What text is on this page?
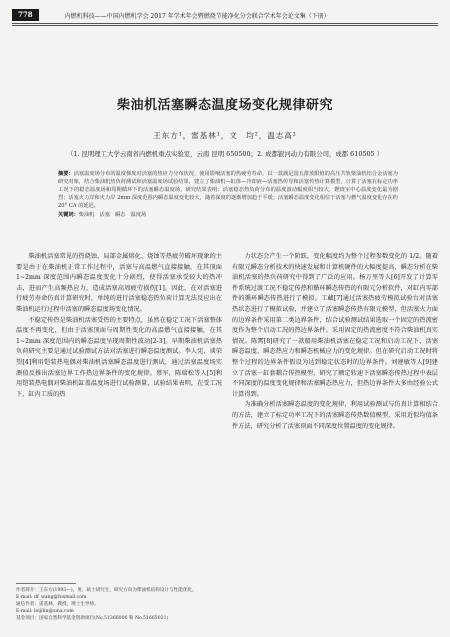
778	内燃机科技——中国内燃机学会 2017 年学术年会暨燃烧节能净化分会联合学术年会论文集（下册）
柴油机活塞瞬态温度场变化规律研究
王东方¹，雷基林¹，文　均²，温志高²
（1. 昆明理工大学云南省内燃机重点实验室，云南 昆明 650500；2. 成都银河动力有限公司，成都 610505 ）
摘要：活塞温度场分布的温度梯度对活塞的热应力分布状况、使用影响活塞的热疲劳寿命。以一款满足国五排放限值的高压共轨柴油机铝合金活塞为研究对象，结合柴油机热负荷测试和活塞温度场试验结果，建立了柴油机—缸体—冷却液—活塞热传导和活塞传热计算模型，计算了活塞在标定功率工况下的稳态温度场和周期循环下的活塞瞬态温度场。研究结果表明：活塞稳态热负荷分布的温度波动幅度相当较大，燃烧室中心温度变化最为剧烈；活塞火力岸和火力岸 2mm 深度范围内瞬态温度变化较大，随着深度的逐渐增加趋于平缓；活塞瞬态温度变化相位于活塞与燃气温度变化存在约 20° CA 的延迟。
关键词：柴油机　活塞　瞬态　温度场

柴油机活塞常见的热烧蚀、局部金属熔化、烧蚀等热疲劳破坏现象的主要是由于在柴油机正常工作过程中，活塞与高温燃气直接接触，在其顶面 1~2mm 深度范围内瞬态温度变化十分剧烈，使得活塞承受较大的热冲击，进而产生高频热应力，造成活塞高周疲劳损伤[1]。因此，在对活塞进行疲劳寿命仿真计算研究时，单纯的进行活塞稳态热负荷计算无法反应出在柴油机运行过程中活塞的瞬态温度场变化情况。

不稳定传热是柴油机活塞受热的主要特点，虽然在稳定工况下活塞整体温度不再变化，但由于活塞顶面与周期性变化的高温燃气直接接触，在其 1~2mm 深度范围内的瞬态温度呈现周期性波动[2-3]。早期柴油机活塞热负荷研究主要是通过试验测试方法对活塞进行瞬态温度测试。李人宪、谈荣望[4]利用铠装热电偶对柴油机活塞瞬态温度进行测试，通过活塞温度场实测值反推出活塞边界工作热边界条件的变化规律。蔡军，陈瑞松等人[5]利用铠装热电偶对柴油机缸盖温度场进行试验测量，试验结果表明，在受工况下，缸内工质的热

力状态会产生一个阶跃，变化幅度约为整个过程参数变化的 1/2。随着有限元瞬态分析技术的快速发展和计算机硬件的大幅度提高，瞬态分析在柴油机活塞的热负荷研究中得到了广泛的应用。杨万里等人[6]开发了计算零件系统过渡工况不稳定传热和循环瞬态传热的有限元分析软件，对缸内零部件的循环瞬态传热进行了模拟。工藏[7]通过活塞热疲劳模拟试验台对活塞热状态进行了模拟试验，并建立了活塞瞬态传热有限元模型，但活塞火力面的边界条件采用第二类边界条件，结合试验测试结果选取一个固定的热流密度作为整个启动工况的热边界条件。采用固定的热流密度不符合柴油机真实情况。陈霄[8]研究了一款船用柴油机活塞在稳定工况和启动工况下，活塞瞬态温度、瞬态热应力和瞬态机械应力的变化规律。但在研究启动工况时将整个过程的边界条件假设为达到稳定状态时的边界条件。刘建敏等人[9]建立了活塞－缸套耦合传热模型，研究了额定转速下活塞瞬态传热过程中表层不同深度的温度变化规律和活塞瞬态热应力，但热边界条件大多由经验公式计算得到。

为准确分析活塞瞬态温度的变化规律，利用试验测试与仿真计算相结合的方法，建立了标定功率工况下的活塞瞬态传热数值模型，采用近似均值条件方法，研究分析了活塞顶面不同深度位置温度的变化规律。

作者简介：王东方(1993—)，男，硕士研究生，研究方向为柴油机结构设计与性能优化。
E-mail: df_wang@foxmail.com
通信作者：雷基林，教授，博士生导师。
E-mail: leijilin@sina.com
基金项目：国家自然科学基金资助项目(No.51366006 和 No.51665021)
